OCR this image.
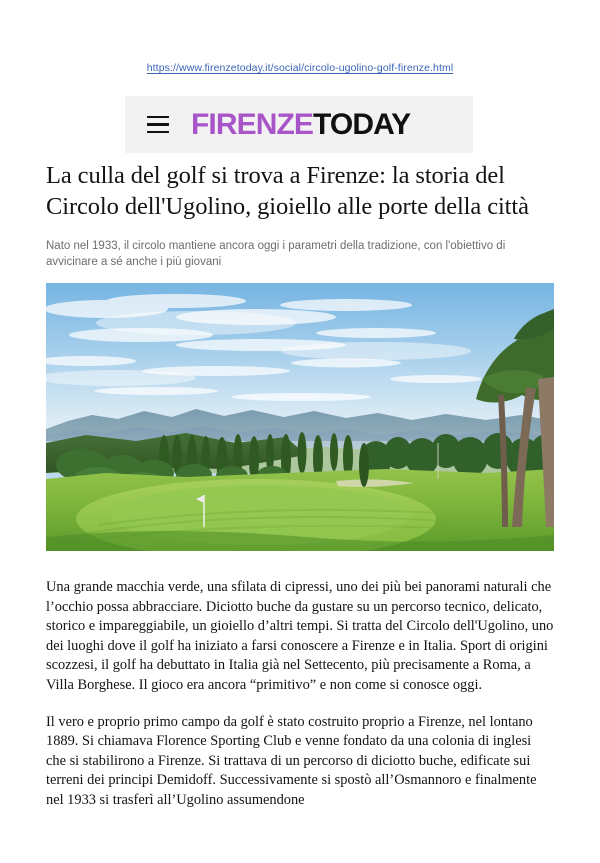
https://www.firenzetoday.it/social/circolo-ugolino-golf-firenze.html
FIRENZETODAY
La culla del golf si trova a Firenze: la storia del Circolo dell'Ugolino, gioiello alle porte della città

Nato nel 1933, il circolo mantiene ancora oggi i parametri della tradizione, con l'obiettivo di avvicinare a sé anche i più giovani

Una grande macchia verde, una sfilata di cipressi, uno dei più bei panorami naturali che l’occhio possa abbracciare. Diciotto buche da gustare su un percorso tecnico, delicato, storico e impareggiabile, un gioiello d’altri tempi. Si tratta del Circolo dell'Ugolino, uno dei luoghi dove il golf ha iniziato a farsi conoscere a Firenze e in Italia. Sport di origini scozzesi, il golf ha debuttato in Italia già nel Settecento, più precisamente a Roma, a Villa Borghese. Il gioco era ancora “primitivo” e non come si conosce oggi.

Il vero e proprio primo campo da golf è stato costruito proprio a Firenze, nel lontano 1889. Si chiamava Florence Sporting Club e venne fondato da una colonia di inglesi che si stabilirono a Firenze. Si trattava di un percorso di diciotto buche, edificate sui terreni dei principi Demidoff. Successivamente si spostò all’Osmannoro e finalmente nel 1933 si trasferì all’Ugolino assumendone
